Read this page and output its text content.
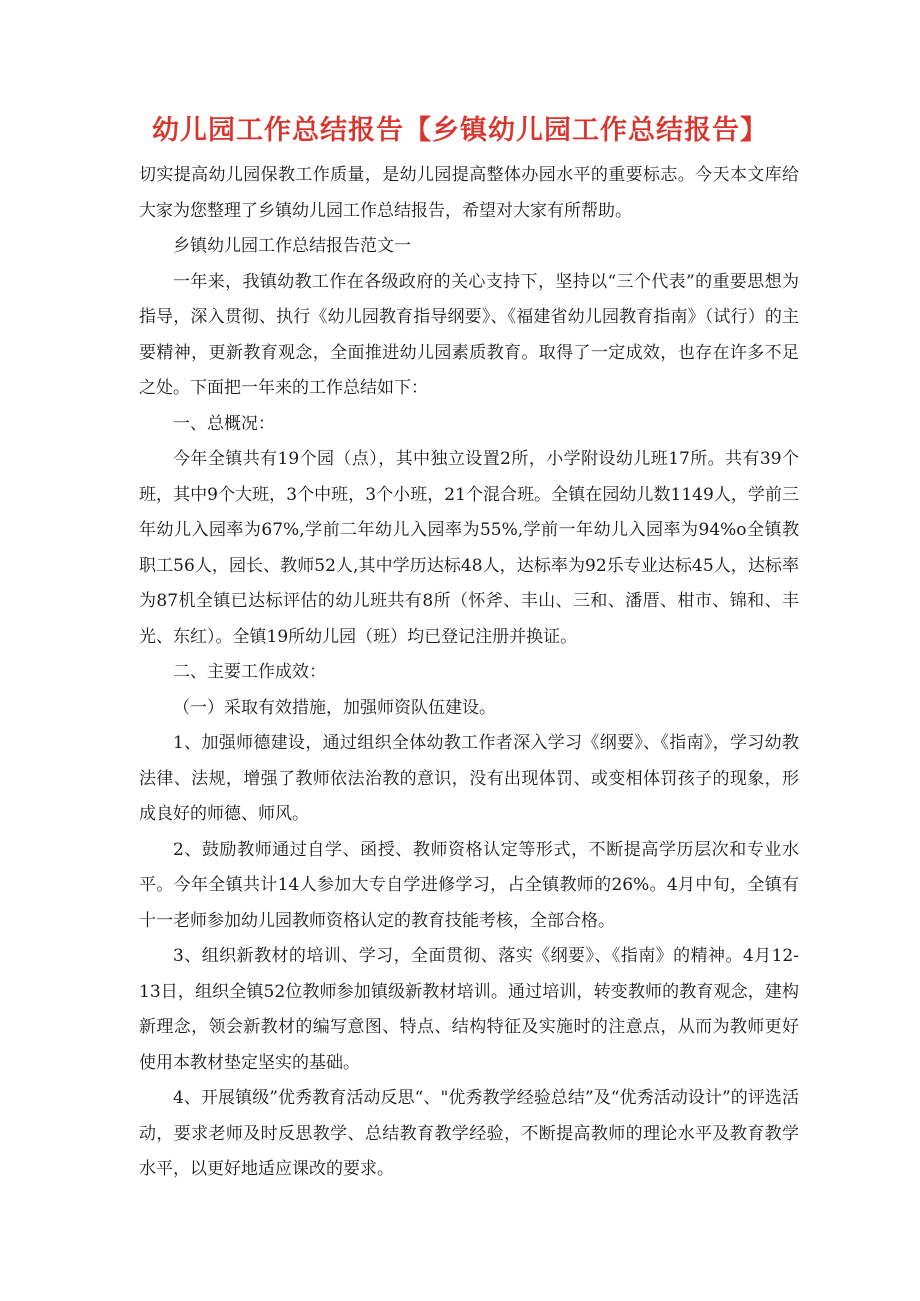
幼儿园工作总结报告【乡镇幼儿园工作总结报告】

切实提高幼儿园保教工作质量，是幼儿园提高整体办园水平的重要标志。今天本文库给大家为您整理了乡镇幼儿园工作总结报告，希望对大家有所帮助。

乡镇幼儿园工作总结报告范文一

一年来，我镇幼教工作在各级政府的关心支持下，坚持以“三个代表”的重要思想为指导，深入贯彻、执行《幼儿园教育指导纲要》、《福建省幼儿园教育指南》（试行）的主要精神，更新教育观念，全面推进幼儿园素质教育。取得了一定成效，也存在许多不足之处。下面把一年来的工作总结如下：

一、总概况：

今年全镇共有19个园（点），其中独立设置2所，小学附设幼儿班17所。共有39个班，其中9个大班，3个中班，3个小班，21个混合班。全镇在园幼儿数1149人，学前三年幼儿入园率为67%,学前二年幼儿入园率为55%,学前一年幼儿入园率为94%o全镇教职工56人，园长、教师52人,其中学历达标48人，达标率为92乐专业达标45人，达标率为87机全镇已达标评估的幼儿班共有8所（怀斧、丰山、三和、潘厝、柑市、锦和、丰光、东红）。全镇19所幼儿园（班）均已登记注册并换证。

二、主要工作成效：

（一）采取有效措施，加强师资队伍建设。

1、加强师德建设，通过组织全体幼教工作者深入学习《纲要》、《指南》，学习幼教法律、法规，增强了教师依法治教的意识，没有出现体罚、或变相体罚孩子的现象，形成良好的师德、师风。

2、鼓励教师通过自学、函授、教师资格认定等形式，不断提高学历层次和专业水平。今年全镇共计14人参加大专自学进修学习，占全镇教师的26%。4月中旬，全镇有十一老师参加幼儿园教师资格认定的教育技能考核，全部合格。

3、组织新教材的培训、学习，全面贯彻、落实《纲要》、《指南》的精神。4月12-13日，组织全镇52位教师参加镇级新教材培训。通过培训，转变教师的教育观念，建构新理念，领会新教材的编写意图、特点、结构特征及实施时的注意点，从而为教师更好使用本教材垫定坚实的基础。

4、开展镇级”优秀教育活动反思“、"优秀教学经验总结”及“优秀活动设计”的评选活动，要求老师及时反思教学、总结教育教学经验，不断提高教师的理论水平及教育教学水平，以更好地适应课改的要求。
